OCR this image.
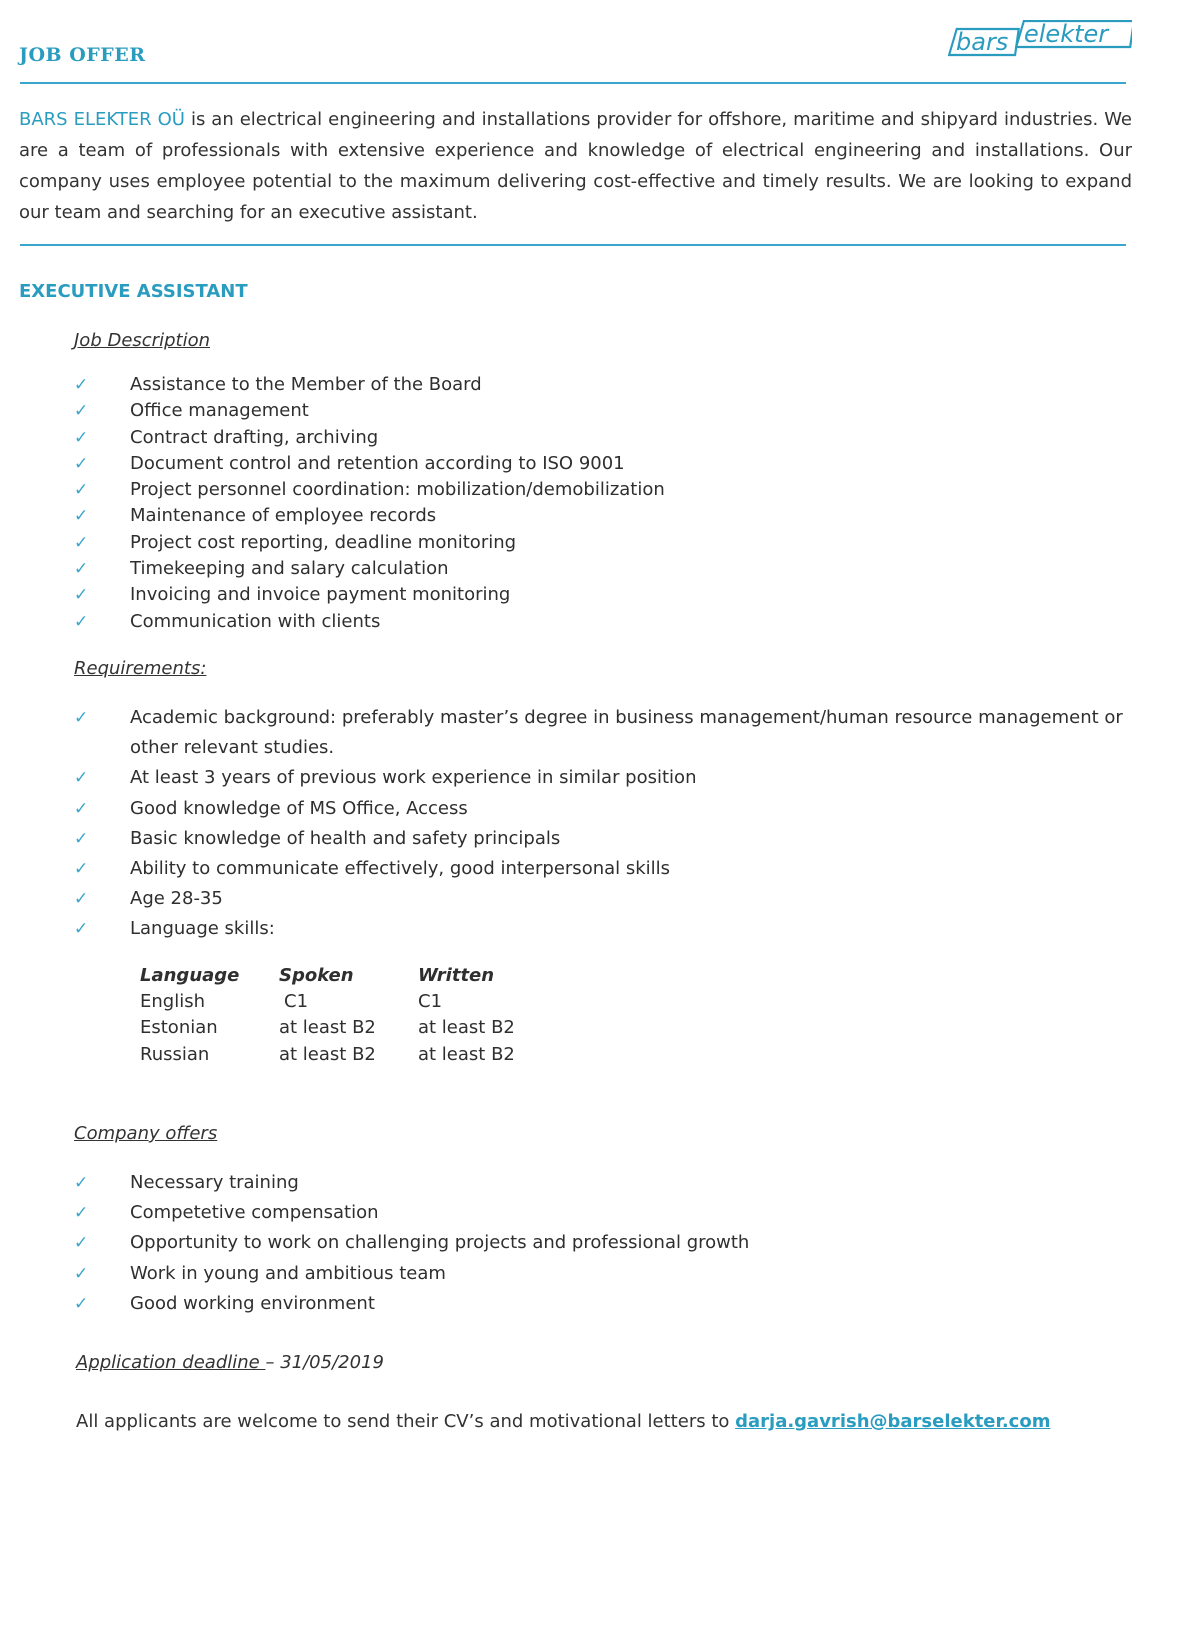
JOB OFFER	bars elekter
BARS ELEKTER OÜ is an electrical engineering and installations provider for offshore, maritime and shipyard industries. We are a team of professionals with extensive experience and knowledge of electrical engineering and installations. Our company uses employee potential to the maximum delivering cost-effective and timely results. We are looking to expand our team and searching for an executive assistant.
EXECUTIVE ASSISTANT
Job Description
✓ Assistance to the Member of the Board
✓ Office management
✓ Contract drafting, archiving
✓ Document control and retention according to ISO 9001
✓ Project personnel coordination: mobilization/demobilization
✓ Maintenance of employee records
✓ Project cost reporting, deadline monitoring
✓ Timekeeping and salary calculation
✓ Invoicing and invoice payment monitoring
✓ Communication with clients
Requirements:
✓ Academic background: preferably master’s degree in business management/human resource management or other relevant studies.
✓ At least 3 years of previous work experience in similar position
✓ Good knowledge of MS Office, Access
✓ Basic knowledge of health and safety principals
✓ Ability to communicate effectively, good interpersonal skills
✓ Age 28-35
✓ Language skills:
Language	Spoken	Written
English	C1	C1
Estonian	at least B2	at least B2
Russian	at least B2	at least B2
Company offers
✓ Necessary training
✓ Competetive compensation
✓ Opportunity to work on challenging projects and professional growth
✓ Work in young and ambitious team
✓ Good working environment
Application deadline – 31/05/2019
All applicants are welcome to send their CV’s and motivational letters to darja.gavrish@barselekter.com
